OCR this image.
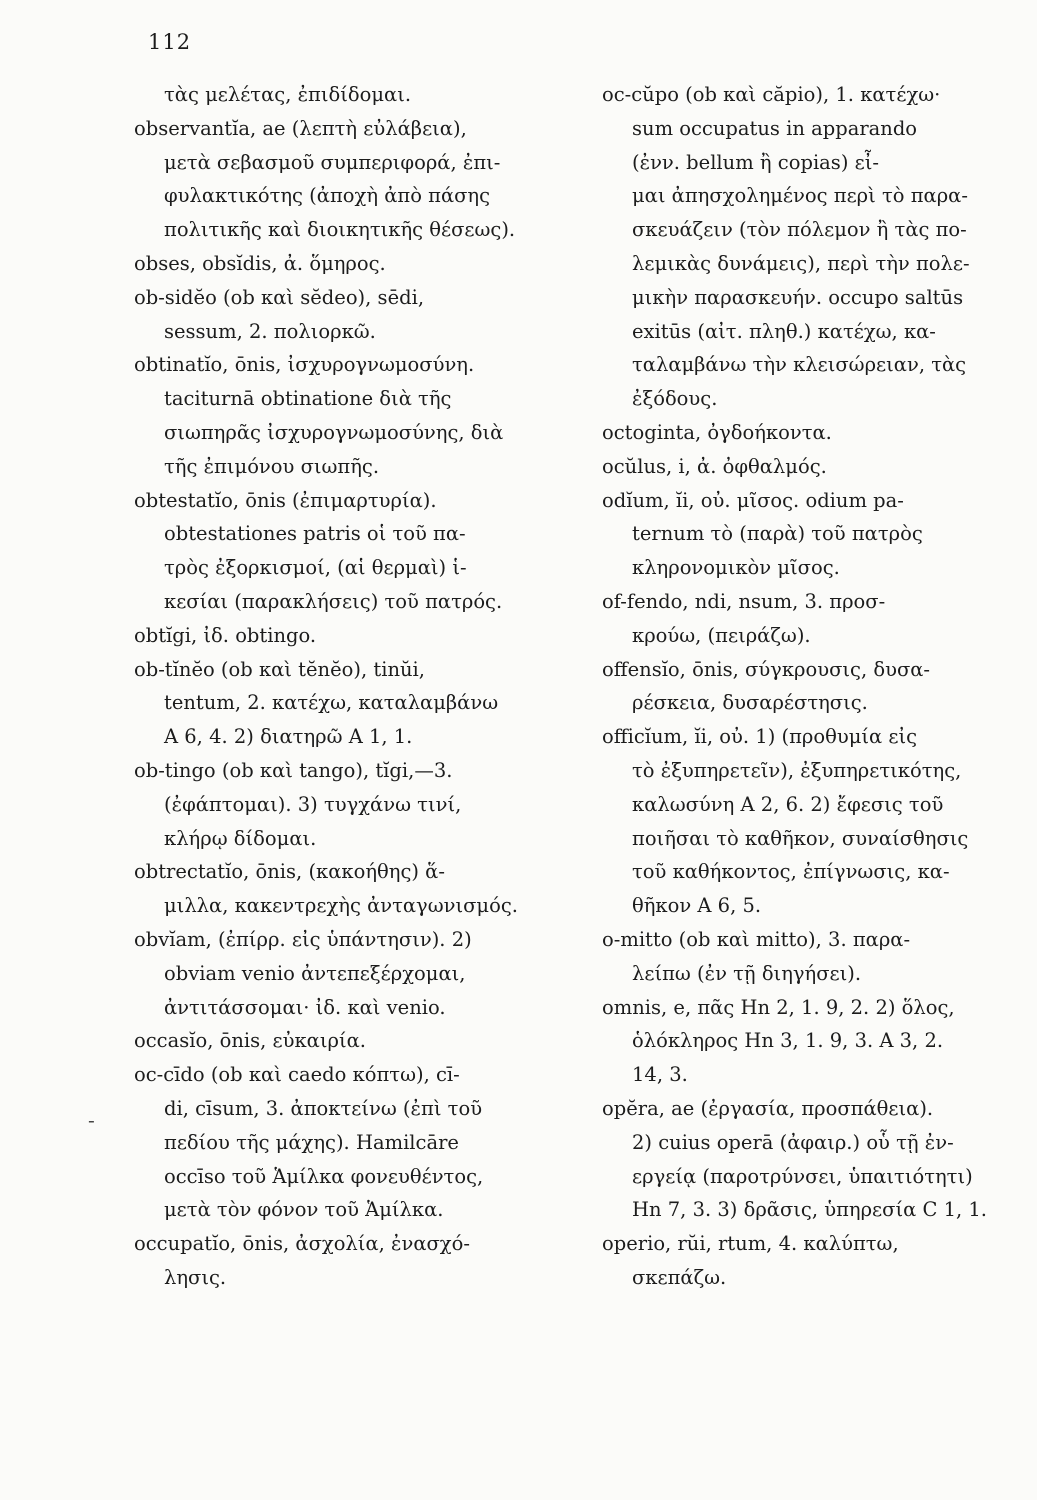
112
-
τὰς μελέτας, ἐπιδίδομαι.
observantĭa, ae (λεπτὴ εὐλάβεια),
μετὰ σεβασμοῦ συμπεριφορά, ἐπι-
φυλακτικότης (ἀποχὴ ἀπὸ πάσης
πολιτικῆς καὶ διοικητικῆς θέσεως).
obses, obsĭdis, ἀ. ὅμηρος.
ob-sidĕo (ob καὶ sĕdeo), sēdi,
sessum, 2. πολιορκῶ.
obtinatĭo, ōnis, ἰσχυρογνωμοσύνη.
taciturnā obtinatione διὰ τῆς
σιωπηρᾶς ἰσχυρογνωμοσύνης, διὰ
τῆς ἐπιμόνου σιωπῆς.
obtestatĭo, ōnis (ἐπιμαρτυρία).
obtestationes patris οἱ τοῦ πα-
τρὸς ἐξορκισμοί, (αἱ θερμαὶ) ἱ-
κεσίαι (παρακλήσεις) τοῦ πατρός.
obtĭgi, ἰδ. obtingo.
ob-tĭnĕo (ob καὶ tĕnĕo), tinŭi,
tentum, 2. κατέχω, καταλαμβάνω
A 6, 4. 2) διατηρῶ A 1, 1.
ob-tingo (ob καὶ tango), tĭgi,—3.
(ἐφάπτομαι). 3) τυγχάνω τινί,
κλήρῳ δίδομαι.
obtrectatĭo, ōnis, (κακοήθης) ἅ-
μιλλα, κακεντρεχὴς ἀνταγωνισμός.
obvĭam, (ἐπίρρ. εἰς ὑπάντησιν). 2)
obviam venio ἀντεπεξέρχομαι,
ἀντιτάσσομαι· ἰδ. καὶ venio.
occasĭo, ōnis, εὐκαιρία.
oc-cīdo (ob καὶ caedo κόπτω), cī-
di, cīsum, 3. ἀποκτείνω (ἐπὶ τοῦ
πεδίου τῆς μάχης). Hamilcāre
occīso τοῦ Ἁμίλκα φονευθέντος,
μετὰ τὸν φόνον τοῦ Ἁμίλκα.
occupatĭo, ōnis, ἀσχολία, ἐνασχό-
λησις.
oc-cŭpo (ob καὶ căpio), 1. κατέχω·
sum occupatus in apparando
(ἐνν. bellum ἢ copias) εἶ-
μαι ἀπησχολημένος περὶ τὸ παρα-
σκευάζειν (τὸν πόλεμον ἢ τὰς πο-
λεμικὰς δυνάμεις), περὶ τὴν πολε-
μικὴν παρασκευήν. occupo saltūs
exitūs (αἰτ. πληθ.) κατέχω, κα-
ταλαμβάνω τὴν κλεισώρειαν, τὰς
ἐξόδους.
octoginta, ὀγδοήκοντα.
ocŭlus, i, ἀ. ὀφθαλμός.
odĭum, ĭi, οὐ. μῖσος. odium pa-
ternum τὸ (παρὰ) τοῦ πατρὸς
κληρονομικὸν μῖσος.
of-fendo, ndi, nsum, 3. προσ-
κρούω, (πειράζω).
offensĭo, ōnis, σύγκρουσις, δυσα-
ρέσκεια, δυσαρέστησις.
officĭum, ĭi, οὐ. 1) (προθυμία εἰς
τὸ ἐξυπηρετεῖν), ἐξυπηρετικότης,
καλωσύνη A 2, 6. 2) ἔφεσις τοῦ
ποιῆσαι τὸ καθῆκον, συναίσθησις
τοῦ καθήκοντος, ἐπίγνωσις, κα-
θῆκον A 6, 5.
o-mitto (ob καὶ mitto), 3. παρα-
λείπω (ἐν τῇ διηγήσει).
omnis, e, πᾶς Hn 2, 1. 9, 2. 2) ὅλος,
ὁλόκληρος Hn 3, 1. 9, 3. A 3, 2.
14, 3.
opĕra, ae (ἐργασία, προσπάθεια).
2) cuius operā (ἀφαιρ.) οὗ τῇ ἐν-
εργείᾳ (παροτρύνσει, ὑπαιτιότητι)
Hn 7, 3. 3) δρᾶσις, ὑπηρεσία C 1, 1.
operio, rŭi, rtum, 4. καλύπτω,
σκεπάζω.
